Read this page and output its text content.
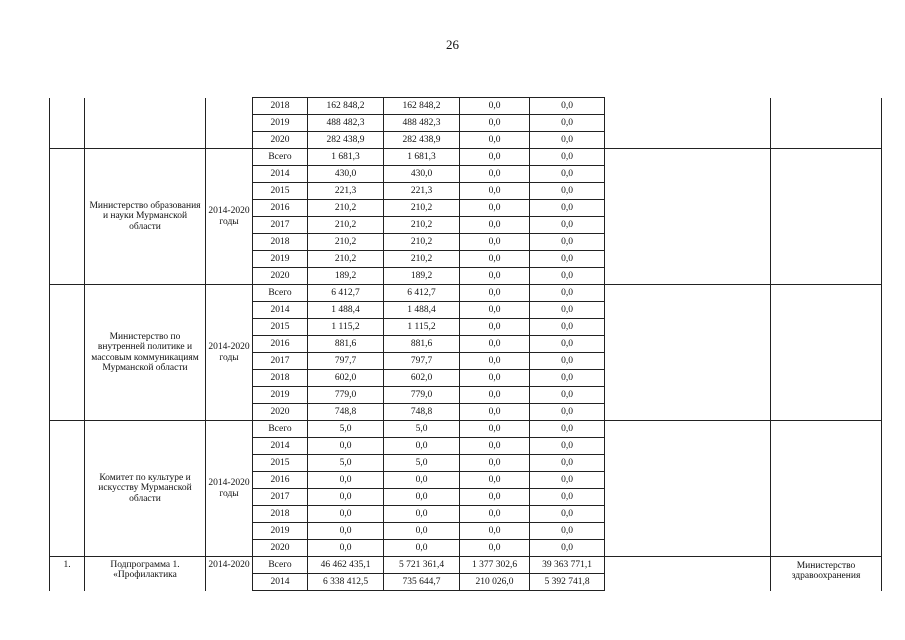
26
			2018	162 848,2	162 848,2	0,0	0,0		
			2019	488 482,3	488 482,3	0,0	0,0		
			2020	282 438,9	282 438,9	0,0	0,0		
	Министерство образования и науки Мурманской области	2014-2020 годы	Всего	1 681,3	1 681,3	0,0	0,0		
			2014	430,0	430,0	0,0	0,0		
			2015	221,3	221,3	0,0	0,0		
			2016	210,2	210,2	0,0	0,0		
			2017	210,2	210,2	0,0	0,0		
			2018	210,2	210,2	0,0	0,0		
			2019	210,2	210,2	0,0	0,0		
			2020	189,2	189,2	0,0	0,0		
	Министерство по внутренней политике и массовым коммуникациям Мурманской области	2014-2020 годы	Всего	6 412,7	6 412,7	0,0	0,0		
			2014	1 488,4	1 488,4	0,0	0,0		
			2015	1 115,2	1 115,2	0,0	0,0		
			2016	881,6	881,6	0,0	0,0		
			2017	797,7	797,7	0,0	0,0		
			2018	602,0	602,0	0,0	0,0		
			2019	779,0	779,0	0,0	0,0		
			2020	748,8	748,8	0,0	0,0		
	Комитет по культуре и искусству Мурманской области	2014-2020 годы	Всего	5,0	5,0	0,0	0,0		
			2014	0,0	0,0	0,0	0,0		
			2015	5,0	5,0	0,0	0,0		
			2016	0,0	0,0	0,0	0,0		
			2017	0,0	0,0	0,0	0,0		
			2018	0,0	0,0	0,0	0,0		
			2019	0,0	0,0	0,0	0,0		
			2020	0,0	0,0	0,0	0,0		
1.	Подпрограмма 1. «Профилактика	2014-2020	Всего	46 462 435,1	5 721 361,4	1 377 302,6	39 363 771,1		Министерство здравоохранения
			2014	6 338 412,5	735 644,7	210 026,0	5 392 741,8		
